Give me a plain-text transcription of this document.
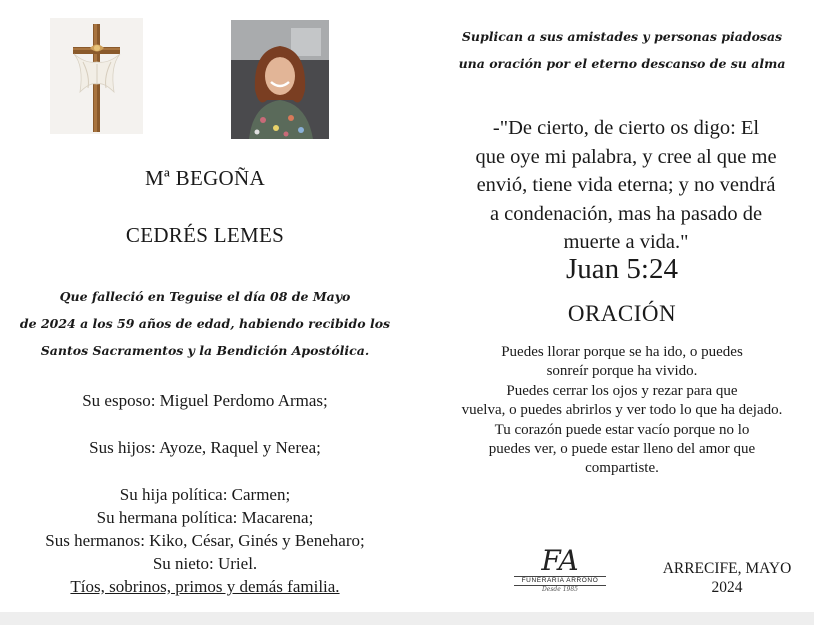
Mª BEGOÑA
CEDRÉS LEMES
Que falleció en Teguise el día 08 de Mayo
de 2024 a los 59 años de edad, habiendo recibido los
Santos Sacramentos y la Bendición Apostólica.
Su esposo: Miguel Perdomo Armas;
Sus hijos: Ayoze, Raquel y Nerea;
Su hija política: Carmen;
Su hermana política: Macarena;
Sus hermanos: Kiko, César, Ginés y Beneharo;
Su nieto: Uriel.
Tíos, sobrinos, primos y demás familia.
Suplican a sus amistades y personas piadosas
una oración por el eterno descanso de su alma
-"De cierto, de cierto os digo: El
que oye mi palabra, y cree al que me
envió, tiene vida eterna; y no vendrá
a condenación, mas ha pasado de
muerte a vida."
Juan 5:24
ORACIÓN
Puedes llorar porque se ha ido, o puedes
sonreír porque ha vivido.
Puedes cerrar los ojos y rezar para que
vuelva, o puedes abrirlos y ver todo lo que ha dejado.
Tu corazón puede estar vacío porque no lo
puedes ver, o puede estar lleno del amor que
compartiste.
FA
FUNERARIA ARRONO
Desde 1985
ARRECIFE, MAYO
2024
